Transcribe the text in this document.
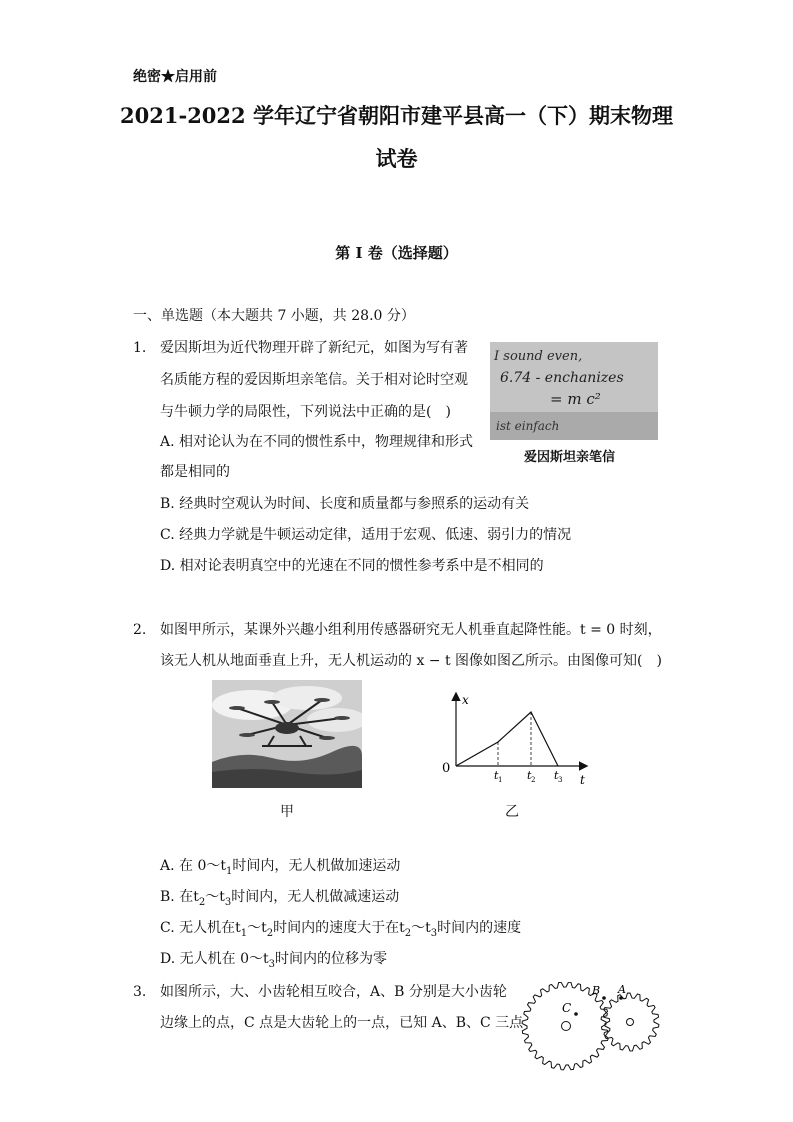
绝密★启用前
2021-2022 学年辽宁省朝阳市建平县高一（下）期末物理
试卷
第 I 卷（选择题）
一、单选题（本大题共 7 小题，共 28.0 分）
1. 爱因斯坦为近代物理开辟了新纪元，如图为写有著
名质能方程的爱因斯坦亲笔信。关于相对论时空观
与牛顿力学的局限性，下列说法中正确的是(　)
I sound even,
6.74 - enchanizes
= m c²
ist einfach
爱因斯坦亲笔信
A. 相对论认为在不同的惯性系中，物理规律和形式
都是相同的
B. 经典时空观认为时间、长度和质量都与参照系的运动有关
C. 经典力学就是牛顿运动定律，适用于宏观、低速、弱引力的情况
D. 相对论表明真空中的光速在不同的惯性参考系中是不相同的
2. 如图甲所示，某课外兴趣小组利用传感器研究无人机垂直起降性能。t = 0 时刻，
该无人机从地面垂直上升，无人机运动的 x − t 图像如图乙所示。由图像可知(　)
甲
x
t
0	t 1 t 2 t 3
乙
A. 在 $0\sim t_1$时间内，无人机做加速运动
B. 在$t_2\sim t_3$时间内，无人机做减速运动
C. 无人机在$t_1\sim t_2$时间内的速度大于在$t_2\sim t_3$时间内的速度
D. 无人机在 $0\sim t_3$时间内的位移为零
3. 如图所示，大、小齿轮相互咬合，A、B 分别是大小齿轮
边缘上的点，C 点是大齿轮上的一点，已知 A、B、C 三点
C
B A
